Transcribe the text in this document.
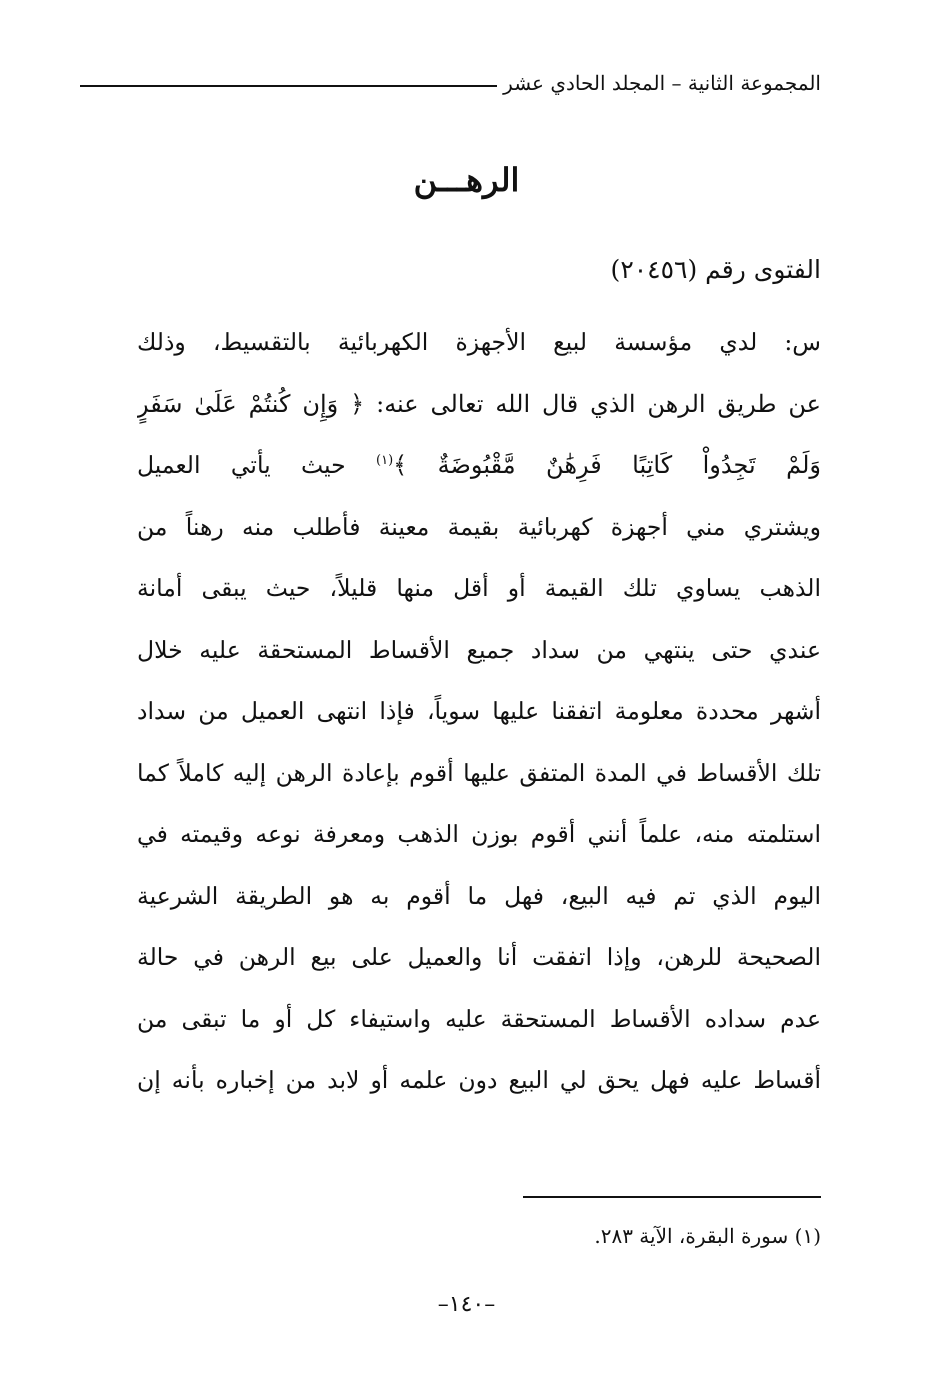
المجموعة الثانية – المجلد الحادي عشر
الرهـــن
الفتوى رقم (٢٠٤٥٦)
س: لدي مؤسسة لبيع الأجهزة الكهربائية بالتقسيط، وذلك
عن طريق الرهن الذي قال الله تعالى عنه: ﴿ وَإِن كُنتُمْ عَلَىٰ سَفَرٍ
وَلَمْ تَجِدُواْ كَاتِبًا فَرِهَٰنٌ مَّقْبُوضَةٌ ﴾$^{(١)}$ حيث يأتي العميل
ويشتري مني أجهزة كهربائية بقيمة معينة فأطلب منه رهناً من
الذهب يساوي تلك القيمة أو أقل منها قليلاً، حيث يبقى أمانة
عندي حتى ينتهي من سداد جميع الأقساط المستحقة عليه خلال
أشهر محددة معلومة اتفقنا عليها سوياً، فإذا انتهى العميل من سداد
تلك الأقساط في المدة المتفق عليها أقوم بإعادة الرهن إليه كاملاً كما
استلمته منه، علماً أنني أقوم بوزن الذهب ومعرفة نوعه وقيمته في
اليوم الذي تم فيه البيع، فهل ما أقوم به هو الطريقة الشرعية
الصحيحة للرهن، وإذا اتفقت أنا والعميل على بيع الرهن في حالة
عدم سداده الأقساط المستحقة عليه واستيفاء كل أو ما تبقى من
أقساط عليه فهل يحق لي البيع دون علمه أو لابد من إخباره بأنه إن
(١) سورة البقرة، الآية ٢٨٣.
–١٤٠–
